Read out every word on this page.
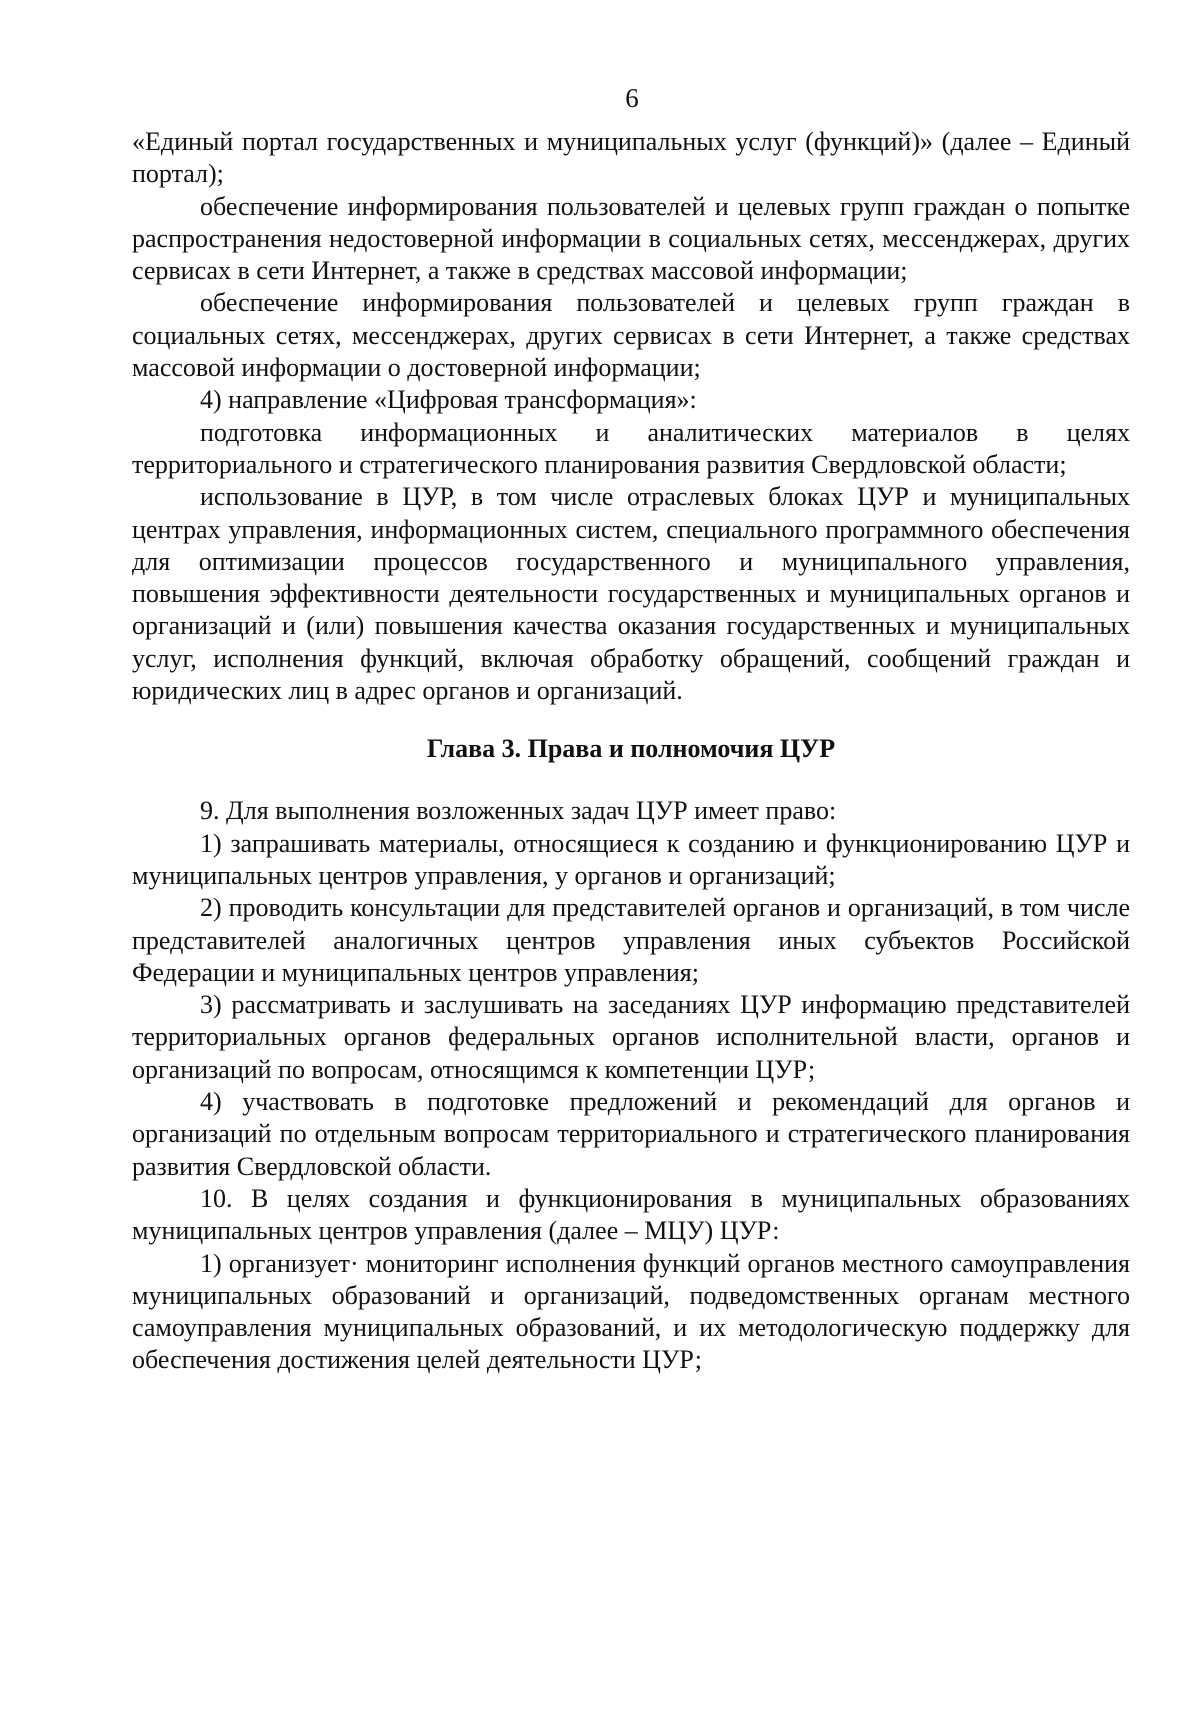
6

«Единый портал государственных и муниципальных услуг (функций)» (далее – Единый портал);

обеспечение информирования пользователей и целевых групп граждан о попытке распространения недостоверной информации в социальных сетях, мессенджерах, других сервисах в сети Интернет, а также в средствах массовой информации;

обеспечение информирования пользователей и целевых групп граждан в социальных сетях, мессенджерах, других сервисах в сети Интернет, а также средствах массовой информации о достоверной информации;

4) направление «Цифровая трансформация»:

подготовка информационных и аналитических материалов в целях территориального и стратегического планирования развития Свердловской области;

использование в ЦУР, в том числе отраслевых блоках ЦУР и муниципальных центрах управления, информационных систем, специального программного обеспечения для оптимизации процессов государственного и муниципального управления, повышения эффективности деятельности государственных и муниципальных органов и организаций и (или) повышения качества оказания государственных и муниципальных услуг, исполнения функций, включая обработку обращений, сообщений граждан и юридических лиц в адрес органов и организаций.

Глава 3. Права и полномочия ЦУР

9. Для выполнения возложенных задач ЦУР имеет право:

1) запрашивать материалы, относящиеся к созданию и функционированию ЦУР и муниципальных центров управления, у органов и организаций;

2) проводить консультации для представителей органов и организаций, в том числе представителей аналогичных центров управления иных субъектов Российской Федерации и муниципальных центров управления;

3) рассматривать и заслушивать на заседаниях ЦУР информацию представителей территориальных органов федеральных органов исполнительной власти, органов и организаций по вопросам, относящимся к компетенции ЦУР;

4) участвовать в подготовке предложений и рекомендаций для органов и организаций по отдельным вопросам территориального и стратегического планирования развития Свердловской области.

10. В целях создания и функционирования в муниципальных образованиях муниципальных центров управления (далее – МЦУ) ЦУР:

1) организует· мониторинг исполнения функций органов местного самоуправления муниципальных образований и организаций, подведомственных органам местного самоуправления муниципальных образований, и их методологическую поддержку для обеспечения достижения целей деятельности ЦУР;
